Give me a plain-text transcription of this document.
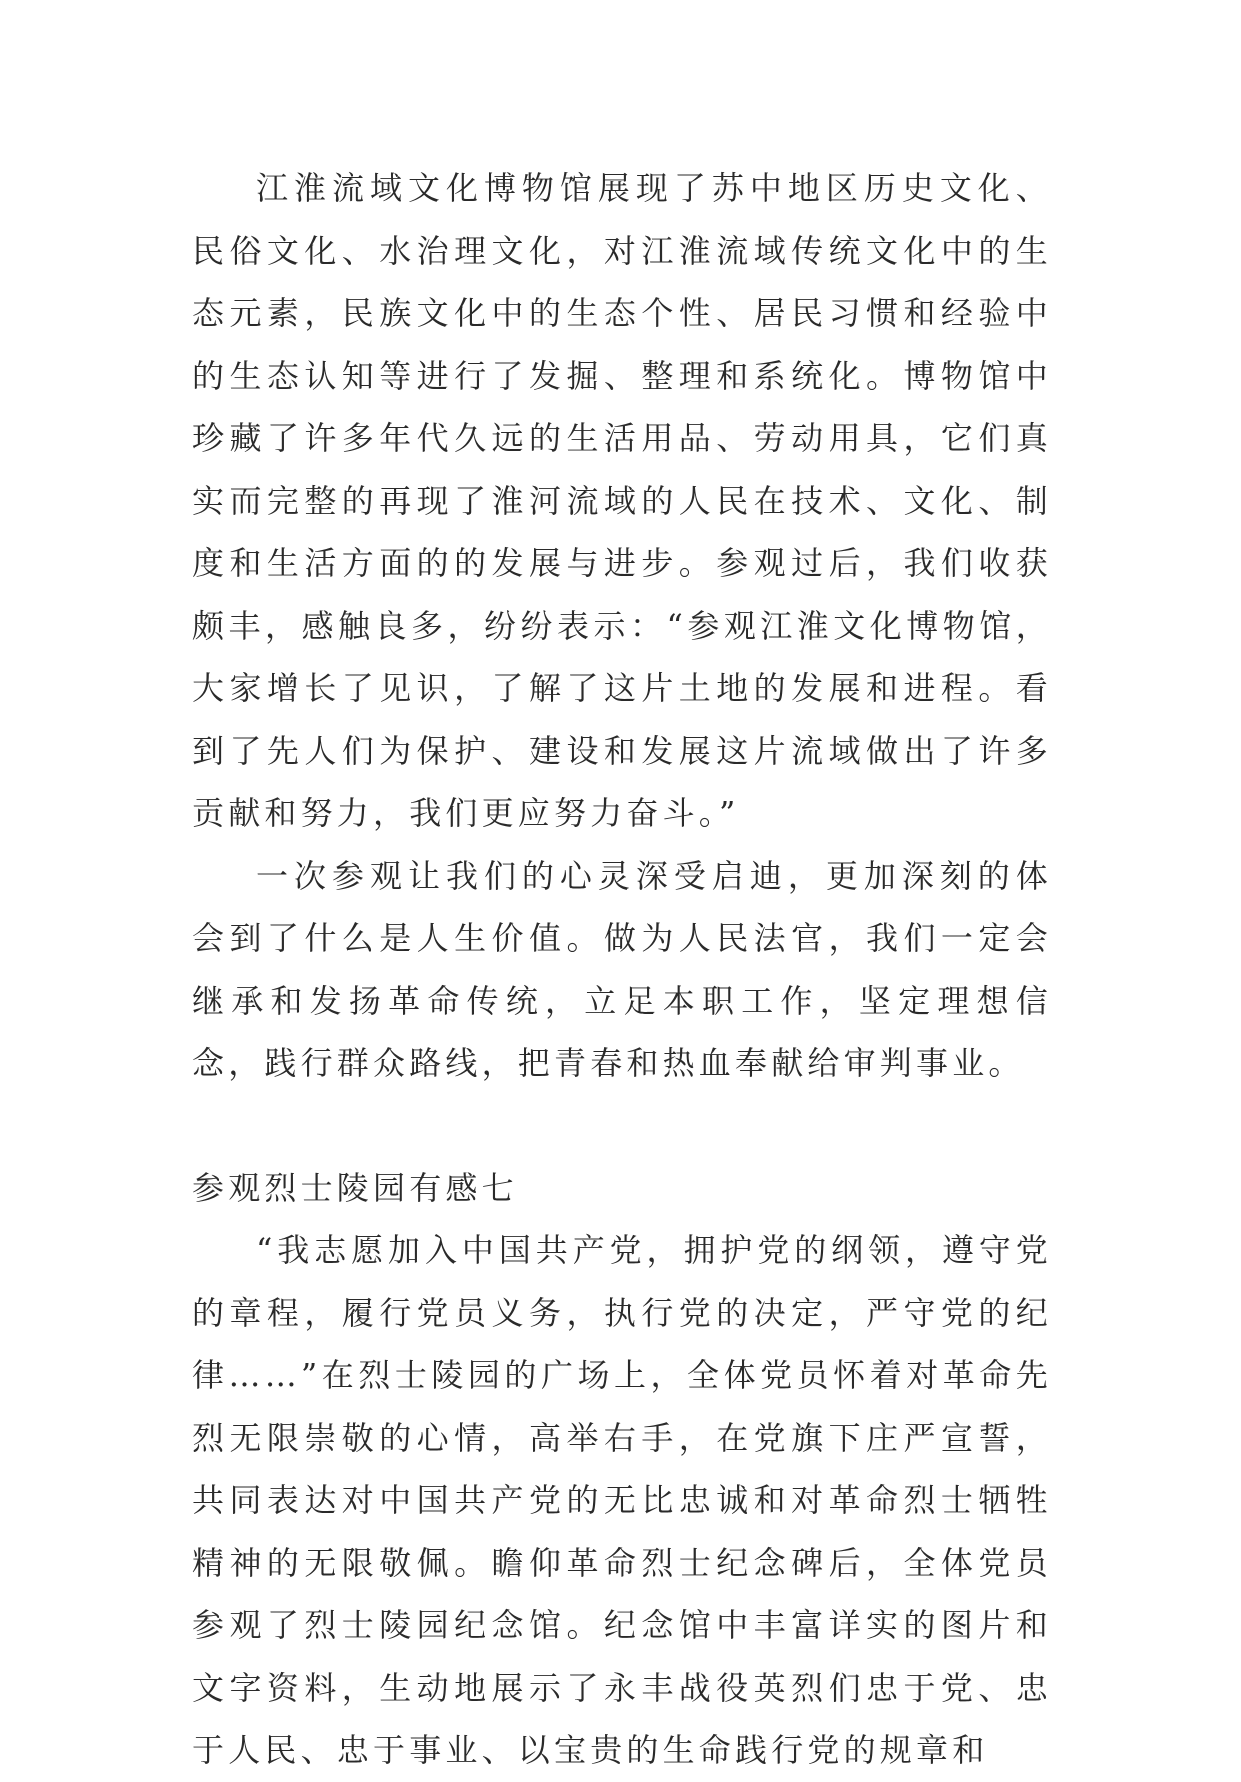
江淮流域文化博物馆展现了苏中地区历史文化、民俗文化、水治理文化，对江淮流域传统文化中的生态元素，民族文化中的生态个性、居民习惯和经验中的生态认知等进行了发掘、整理和系统化。博物馆中珍藏了许多年代久远的生活用品、劳动用具，它们真实而完整的再现了淮河流域的人民在技术、文化、制度和生活方面的的发展与进步。参观过后，我们收获颇丰，感触良多，纷纷表示：“参观江淮文化博物馆，大家增长了见识，了解了这片土地的发展和进程。看到了先人们为保护、建设和发展这片流域做出了许多贡献和努力，我们更应努力奋斗。”

一次参观让我们的心灵深受启迪，更加深刻的体会到了什么是人生价值。做为人民法官，我们一定会继承和发扬革命传统，立足本职工作，坚定理想信念，践行群众路线，把青春和热血奉献给审判事业。

参观烈士陵园有感七

“我志愿加入中国共产党，拥护党的纲领，遵守党的章程，履行党员义务，执行党的决定，严守党的纪律……”在烈士陵园的广场上，全体党员怀着对革命先烈无限崇敬的心情，高举右手，在党旗下庄严宣誓，共同表达对中国共产党的无比忠诚和对革命烈士牺牲精神的无限敬佩。瞻仰革命烈士纪念碑后，全体党员参观了烈士陵园纪念馆。纪念馆中丰富详实的图片和文字资料，生动地展示了永丰战役英烈们忠于党、忠于人民、忠于事业、以宝贵的生命践行党的规章和
